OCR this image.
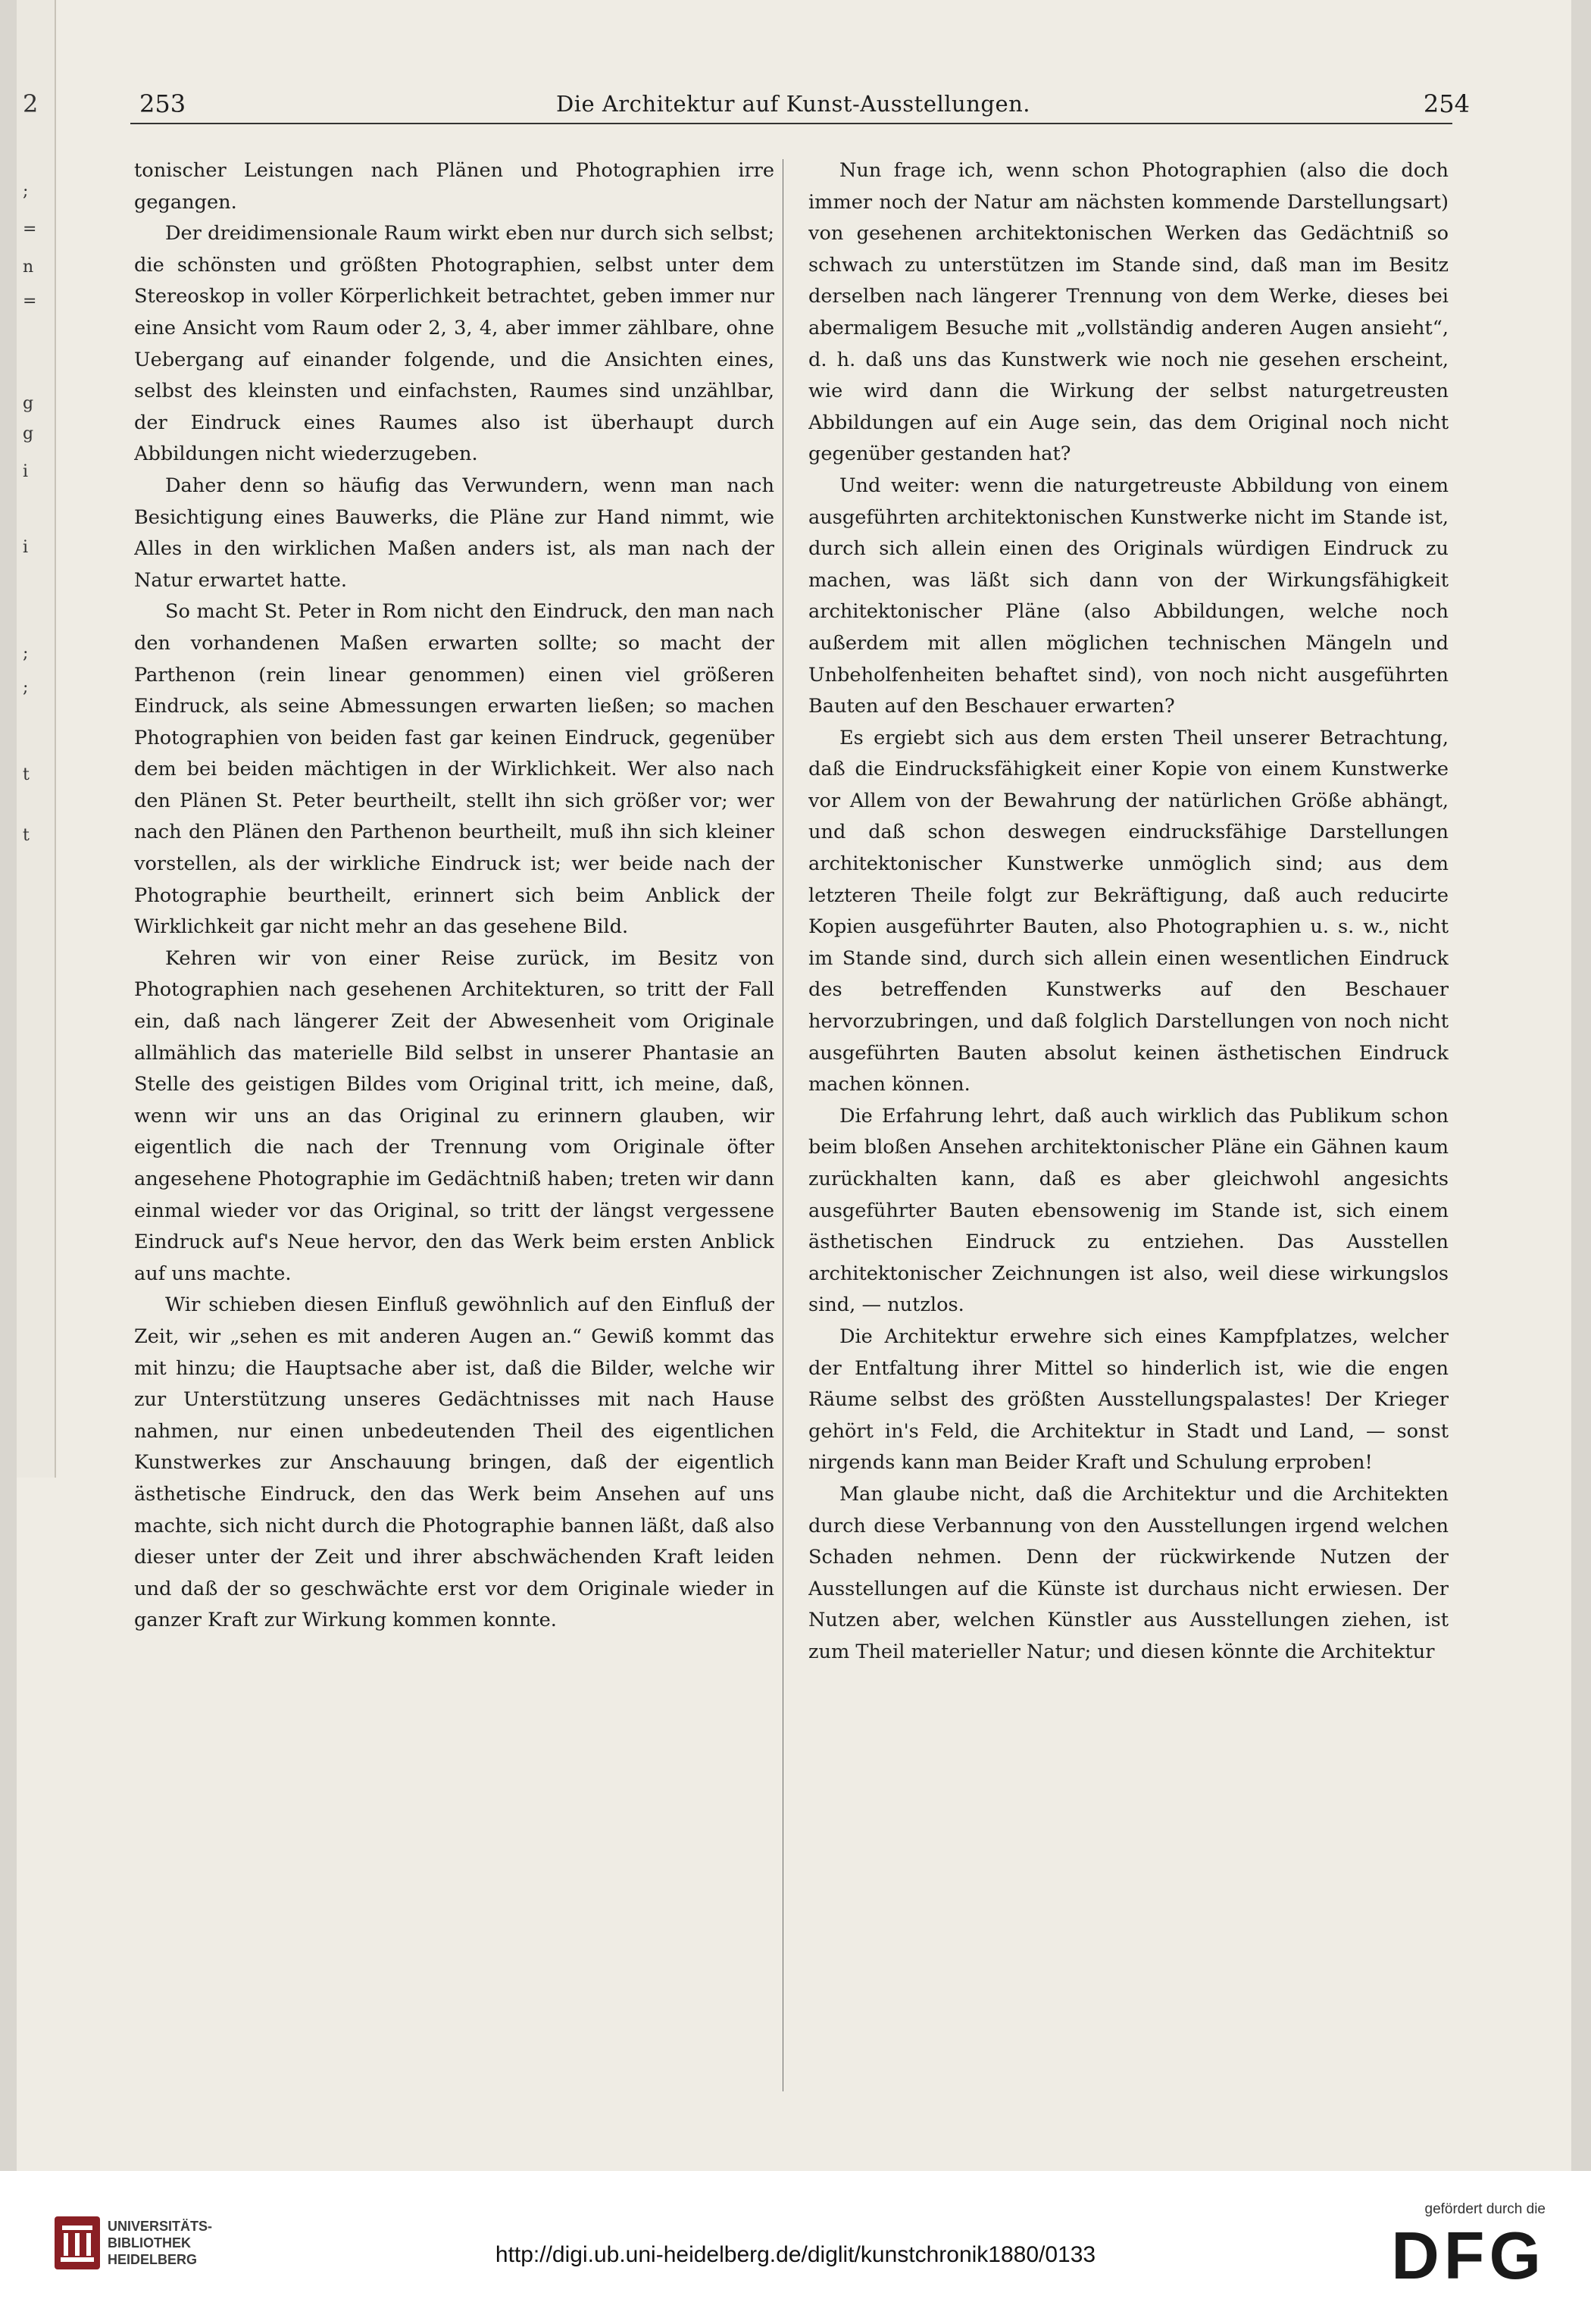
2
;
=
n
=
g
g
i
i
;
;
t
t
253	Die Architektur auf Kunst-Ausstellungen.	254

tonischer Leistungen nach Plänen und Photographien irre gegangen.

Der dreidimensionale Raum wirkt eben nur durch sich selbst; die schönsten und größten Photographien, selbst unter dem Stereoskop in voller Körperlichkeit betrachtet, geben immer nur eine Ansicht vom Raum oder 2, 3, 4, aber immer zählbare, ohne Uebergang auf einander folgende, und die Ansichten eines, selbst des kleinsten und einfachsten, Raumes sind unzählbar, der Eindruck eines Raumes also ist überhaupt durch Abbildungen nicht wiederzugeben.

Daher denn so häufig das Verwundern, wenn man nach Besichtigung eines Bauwerks, die Pläne zur Hand nimmt, wie Alles in den wirklichen Maßen anders ist, als man nach der Natur erwartet hatte.

So macht St. Peter in Rom nicht den Eindruck, den man nach den vorhandenen Maßen erwarten sollte; so macht der Parthenon (rein linear genommen) einen viel größeren Eindruck, als seine Abmessungen erwarten ließen; so machen Photographien von beiden fast gar keinen Eindruck, gegenüber dem bei beiden mächtigen in der Wirklichkeit. Wer also nach den Plänen St. Peter beurtheilt, stellt ihn sich größer vor; wer nach den Plänen den Parthenon beurtheilt, muß ihn sich kleiner vorstellen, als der wirkliche Eindruck ist; wer beide nach der Photographie beurtheilt, erinnert sich beim Anblick der Wirklichkeit gar nicht mehr an das gesehene Bild.

Kehren wir von einer Reise zurück, im Besitz von Photographien nach gesehenen Architekturen, so tritt der Fall ein, daß nach längerer Zeit der Abwesenheit vom Originale allmählich das materielle Bild selbst in unserer Phantasie an Stelle des geistigen Bildes vom Original tritt, ich meine, daß, wenn wir uns an das Original zu erinnern glauben, wir eigentlich die nach der Trennung vom Originale öfter angesehene Photographie im Gedächtniß haben; treten wir dann einmal wieder vor das Original, so tritt der längst vergessene Eindruck auf's Neue hervor, den das Werk beim ersten Anblick auf uns machte.

Wir schieben diesen Einfluß gewöhnlich auf den Einfluß der Zeit, wir „sehen es mit anderen Augen an.“ Gewiß kommt das mit hinzu; die Hauptsache aber ist, daß die Bilder, welche wir zur Unterstützung unseres Gedächtnisses mit nach Hause nahmen, nur einen unbedeutenden Theil des eigentlichen Kunstwerkes zur Anschauung bringen, daß der eigentlich ästhetische Eindruck, den das Werk beim Ansehen auf uns machte, sich nicht durch die Photographie bannen läßt, daß also dieser unter der Zeit und ihrer abschwächenden Kraft leiden und daß der so geschwächte erst vor dem Originale wieder in ganzer Kraft zur Wirkung kommen konnte.

Nun frage ich, wenn schon Photographien (also die doch immer noch der Natur am nächsten kommende Darstellungsart) von gesehenen architektonischen Werken das Gedächtniß so schwach zu unterstützen im Stande sind, daß man im Besitz derselben nach längerer Trennung von dem Werke, dieses bei abermaligem Besuche mit „vollständig anderen Augen ansieht“, d. h. daß uns das Kunstwerk wie noch nie gesehen erscheint, wie wird dann die Wirkung der selbst naturgetreusten Abbildungen auf ein Auge sein, das dem Original noch nicht gegenüber gestanden hat?

Und weiter: wenn die naturgetreuste Abbildung von einem ausgeführten architektonischen Kunstwerke nicht im Stande ist, durch sich allein einen des Originals würdigen Eindruck zu machen, was läßt sich dann von der Wirkungsfähigkeit architektonischer Pläne (also Abbildungen, welche noch außerdem mit allen möglichen technischen Mängeln und Unbeholfenheiten behaftet sind), von noch nicht ausgeführten Bauten auf den Beschauer erwarten?

Es ergiebt sich aus dem ersten Theil unserer Betrachtung, daß die Eindrucksfähigkeit einer Kopie von einem Kunstwerke vor Allem von der Bewahrung der natürlichen Größe abhängt, und daß schon deswegen eindrucksfähige Darstellungen architektonischer Kunstwerke unmöglich sind; aus dem letzteren Theile folgt zur Bekräftigung, daß auch reducirte Kopien ausgeführter Bauten, also Photographien u. s. w., nicht im Stande sind, durch sich allein einen wesentlichen Eindruck des betreffenden Kunstwerks auf den Beschauer hervorzubringen, und daß folglich Darstellungen von noch nicht ausgeführten Bauten absolut keinen ästhetischen Eindruck machen können.

Die Erfahrung lehrt, daß auch wirklich das Publikum schon beim bloßen Ansehen architektonischer Pläne ein Gähnen kaum zurückhalten kann, daß es aber gleichwohl angesichts ausgeführter Bauten ebensowenig im Stande ist, sich einem ästhetischen Eindruck zu entziehen. Das Ausstellen architektonischer Zeichnungen ist also, weil diese wirkungslos sind, — nutzlos.

Die Architektur erwehre sich eines Kampfplatzes, welcher der Entfaltung ihrer Mittel so hinderlich ist, wie die engen Räume selbst des größten Ausstellungspalastes! Der Krieger gehört in's Feld, die Architektur in Stadt und Land, — sonst nirgends kann man Beider Kraft und Schulung erproben!

Man glaube nicht, daß die Architektur und die Architekten durch diese Verbannung von den Ausstellungen irgend welchen Schaden nehmen. Denn der rückwirkende Nutzen der Ausstellungen auf die Künste ist durchaus nicht erwiesen. Der Nutzen aber, welchen Künstler aus Ausstellungen ziehen, ist zum Theil materieller Natur; und diesen könnte die Architektur

UNIVERSITÄTS-
BIBLIOTHEK
HEIDELBERG	http://digi.ub.uni-heidelberg.de/diglit/kunstchronik1880/0133
gefördert durch die
DFG
